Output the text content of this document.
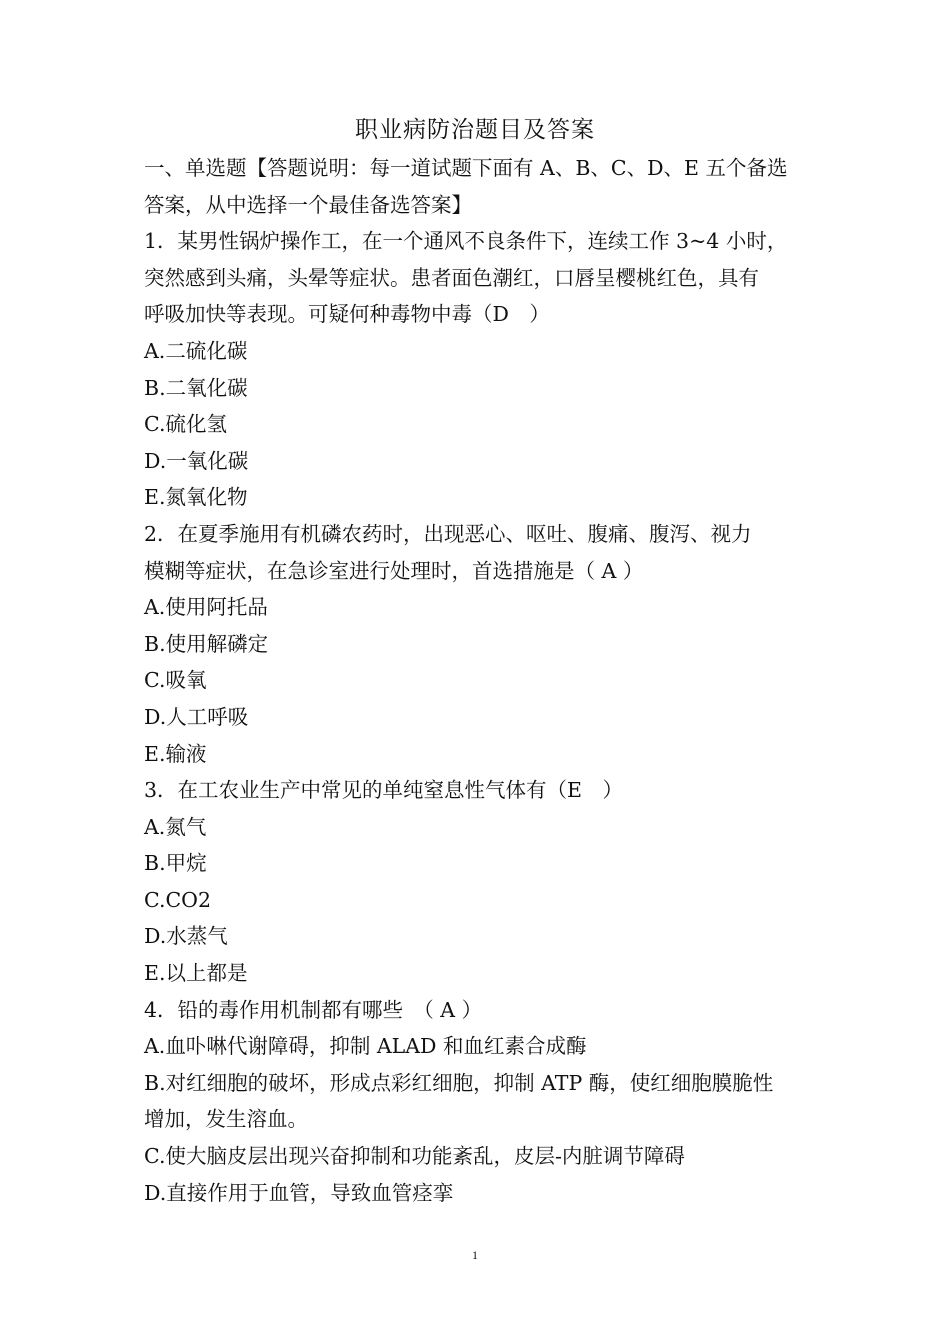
职业病防治题目及答案
一、单选题【答题说明：每一道试题下面有 A、B、C、D、E 五个备选
答案，从中选择一个最佳备选答案】
1．某男性锅炉操作工，在一个通风不良条件下，连续工作 3~4 小时，
突然感到头痛，头晕等症状。患者面色潮红，口唇呈樱桃红色，具有
呼吸加快等表现。可疑何种毒物中毒（D　）
A.二硫化碳
B.二氧化碳
C.硫化氢
D.一氧化碳
E.氮氧化物
2．在夏季施用有机磷农药时，出现恶心、呕吐、腹痛、腹泻、视力
模糊等症状，在急诊室进行处理时，首选措施是（ A ）
A.使用阿托品
B.使用解磷定
C.吸氧
D.人工呼吸
E.输液
3．在工农业生产中常见的单纯窒息性气体有（E　）
A.氮气
B.甲烷
C.CO2
D.水蒸气
E.以上都是
4．铅的毒作用机制都有哪些　（ A ）
A.血卟啉代谢障碍，抑制 ALAD 和血红素合成酶
B.对红细胞的破坏，形成点彩红细胞，抑制 ATP 酶，使红细胞膜脆性
增加，发生溶血。
C.使大脑皮层出现兴奋抑制和功能紊乱，皮层-内脏调节障碍
D.直接作用于血管，导致血管痉挛
1
